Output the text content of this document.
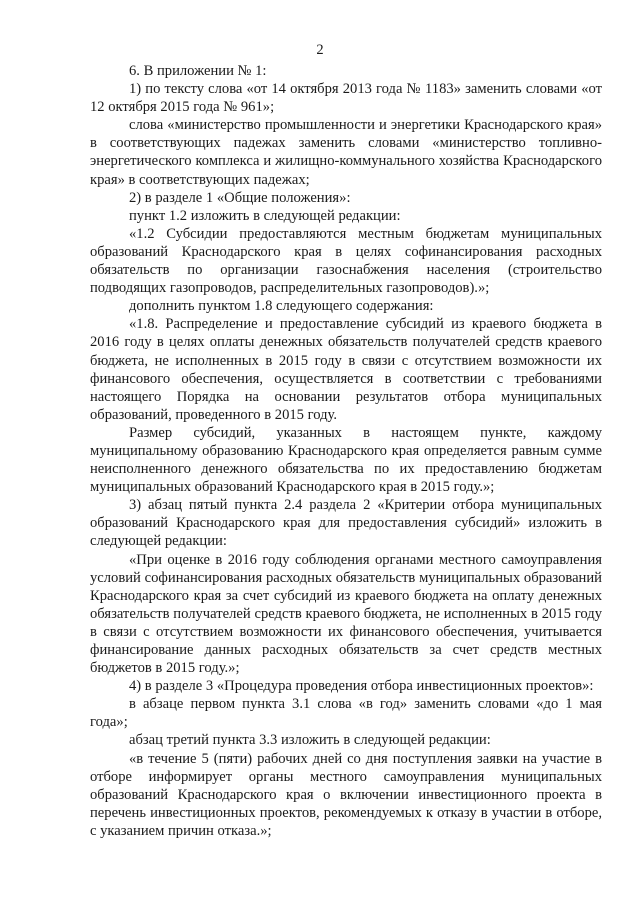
2

6. В приложении № 1:

1) по тексту слова «от 14 октября 2013 года № 1183» заменить словами «от 12 октября 2015 года № 961»;

слова «министерство промышленности и энергетики Краснодарского края» в соответствующих падежах заменить словами «министерство топливно-энергетического комплекса и жилищно-коммунального хозяйства Краснодарского края» в соответствующих падежах;

2) в разделе 1 «Общие положения»:

пункт 1.2 изложить в следующей редакции:

«1.2 Субсидии предоставляются местным бюджетам муниципальных образований Краснодарского края в целях софинансирования расходных обязательств по организации газоснабжения населения (строительство подводящих газопроводов, распределительных газопроводов).»;

дополнить пунктом 1.8 следующего содержания:

«1.8. Распределение и предоставление субсидий из краевого бюджета в 2016 году в целях оплаты денежных обязательств получателей средств краевого бюджета, не исполненных в 2015 году в связи с отсутствием возможности их финансового обеспечения, осуществляется в соответствии с требованиями настоящего Порядка на основании результатов отбора муниципальных образований, проведенного в 2015 году.

Размер субсидий, указанных в настоящем пункте, каждому муниципальному образованию Краснодарского края определяется равным сумме неисполненного денежного обязательства по их предоставлению бюджетам муниципальных образований Краснодарского края в 2015 году.»;

3) абзац пятый пункта 2.4 раздела 2 «Критерии отбора муниципальных образований Краснодарского края для предоставления субсидий» изложить в следующей редакции:

«При оценке в 2016 году соблюдения органами местного самоуправления условий софинансирования расходных обязательств муниципальных образований Краснодарского края за счет субсидий из краевого бюджета на оплату денежных обязательств получателей средств краевого бюджета, не исполненных в 2015 году в связи с отсутствием возможности их финансового обеспечения, учитывается финансирование данных расходных обязательств за счет средств местных бюджетов в 2015 году.»;

4) в разделе 3 «Процедура проведения отбора инвестиционных проектов»:

в абзаце первом пункта 3.1 слова «в год» заменить словами «до 1 мая года»;

абзац третий пункта 3.3 изложить в следующей редакции:

«в течение 5 (пяти) рабочих дней со дня поступления заявки на участие в отборе информирует органы местного самоуправления муниципальных образований Краснодарского края о включении инвестиционного проекта в перечень инвестиционных проектов, рекомендуемых к отказу в участии в отборе, с указанием причин отказа.»;
